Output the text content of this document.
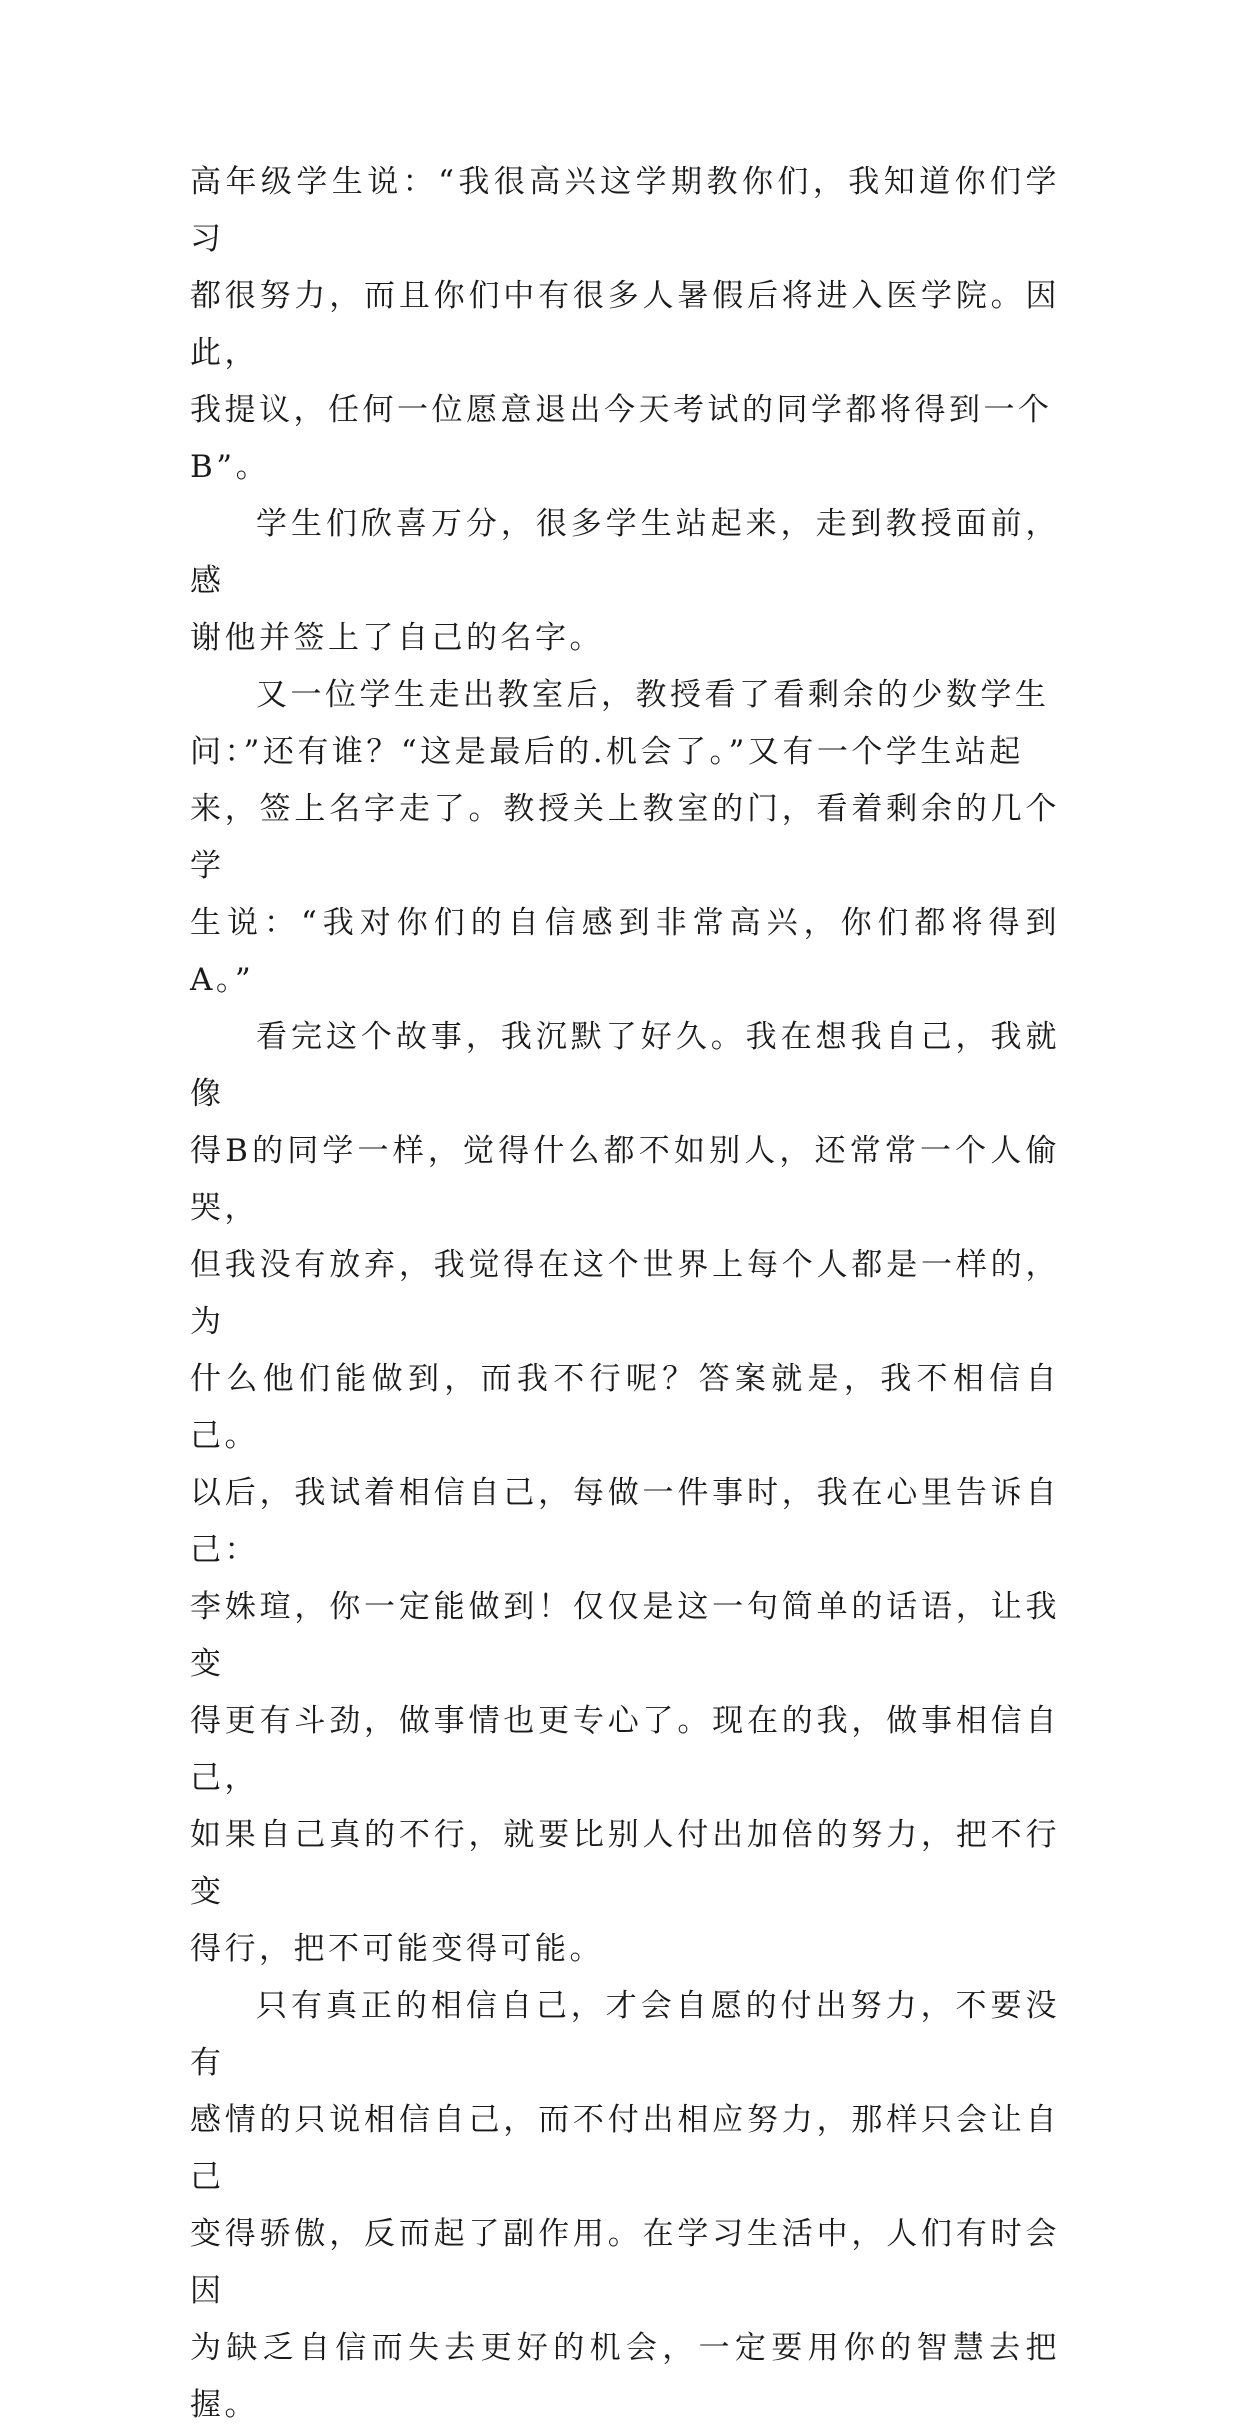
高年级学生说：“我很高兴这学期教你们，我知道你们学习
都很努力，而且你们中有很多人暑假后将进入医学院。因此，
我提议，任何一位愿意退出今天考试的同学都将得到一个
B”。

学生们欣喜万分，很多学生站起来，走到教授面前，感
谢他并签上了自己的名字。

又一位学生走出教室后，教授看了看剩余的少数学生
问：”还有谁？“这是最后的.机会了。”又有一个学生站起
来，签上名字走了。教授关上教室的门，看着剩余的几个学
生说：“我对你们的自信感到非常高兴，你们都将得到A。”

看完这个故事，我沉默了好久。我在想我自己，我就像
得B的同学一样，觉得什么都不如别人，还常常一个人偷哭，
但我没有放弃，我觉得在这个世界上每个人都是一样的，为
什么他们能做到，而我不行呢？答案就是，我不相信自己。
以后，我试着相信自己，每做一件事时，我在心里告诉自己：
李姝瑄，你一定能做到！仅仅是这一句简单的话语，让我变
得更有斗劲，做事情也更专心了。现在的我，做事相信自己，
如果自己真的不行，就要比别人付出加倍的努力，把不行变
得行，把不可能变得可能。

只有真正的相信自己，才会自愿的付出努力，不要没有
感情的只说相信自己，而不付出相应努力，那样只会让自己
变得骄傲，反而起了副作用。在学习生活中，人们有时会因
为缺乏自信而失去更好的机会，一定要用你的智慧去把握。
